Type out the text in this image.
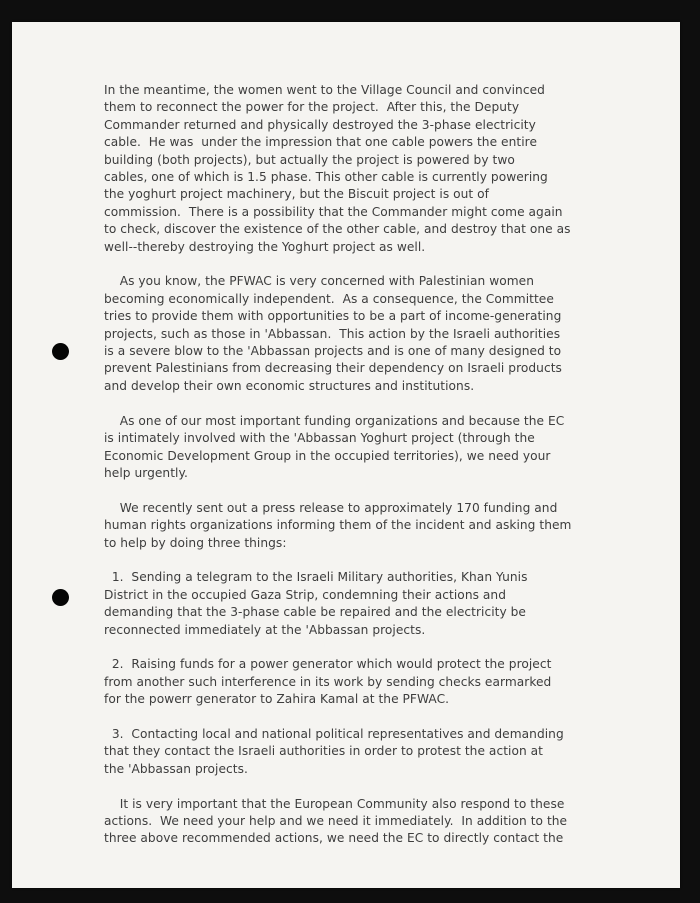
In the meantime, the women went to the Village Council and convinced
them to reconnect the power for the project.  After this, the Deputy
Commander returned and physically destroyed the 3-phase electricity
cable.  He was  under the impression that one cable powers the entire
building (both projects), but actually the project is powered by two
cables, one of which is 1.5 phase. This other cable is currently powering
the yoghurt project machinery, but the Biscuit project is out of
commission.  There is a possibility that the Commander might come again
to check, discover the existence of the other cable, and destroy that one as
well--thereby destroying the Yoghurt project as well.

As you know, the PFWAC is very concerned with Palestinian women
becoming economically independent.  As a consequence, the Committee
tries to provide them with opportunities to be a part of income-generating
projects, such as those in 'Abbassan.  This action by the Israeli authorities
is a severe blow to the 'Abbassan projects and is one of many designed to
prevent Palestinians from decreasing their dependency on Israeli products
and develop their own economic structures and institutions.

As one of our most important funding organizations and because the EC
is intimately involved with the 'Abbassan Yoghurt project (through the
Economic Development Group in the occupied territories), we need your
help urgently.

We recently sent out a press release to approximately 170 funding and
human rights organizations informing them of the incident and asking them
to help by doing three things:

1.  Sending a telegram to the Israeli Military authorities, Khan Yunis
District in the occupied Gaza Strip, condemning their actions and
demanding that the 3-phase cable be repaired and the electricity be
reconnected immediately at the 'Abbassan projects.

2.  Raising funds for a power generator which would protect the project
from another such interference in its work by sending checks earmarked
for the powerr generator to Zahira Kamal at the PFWAC.

3.  Contacting local and national political representatives and demanding
that they contact the Israeli authorities in order to protest the action at
the 'Abbassan projects.

It is very important that the European Community also respond to these
actions.  We need your help and we need it immediately.  In addition to the
three above recommended actions, we need the EC to directly contact the
